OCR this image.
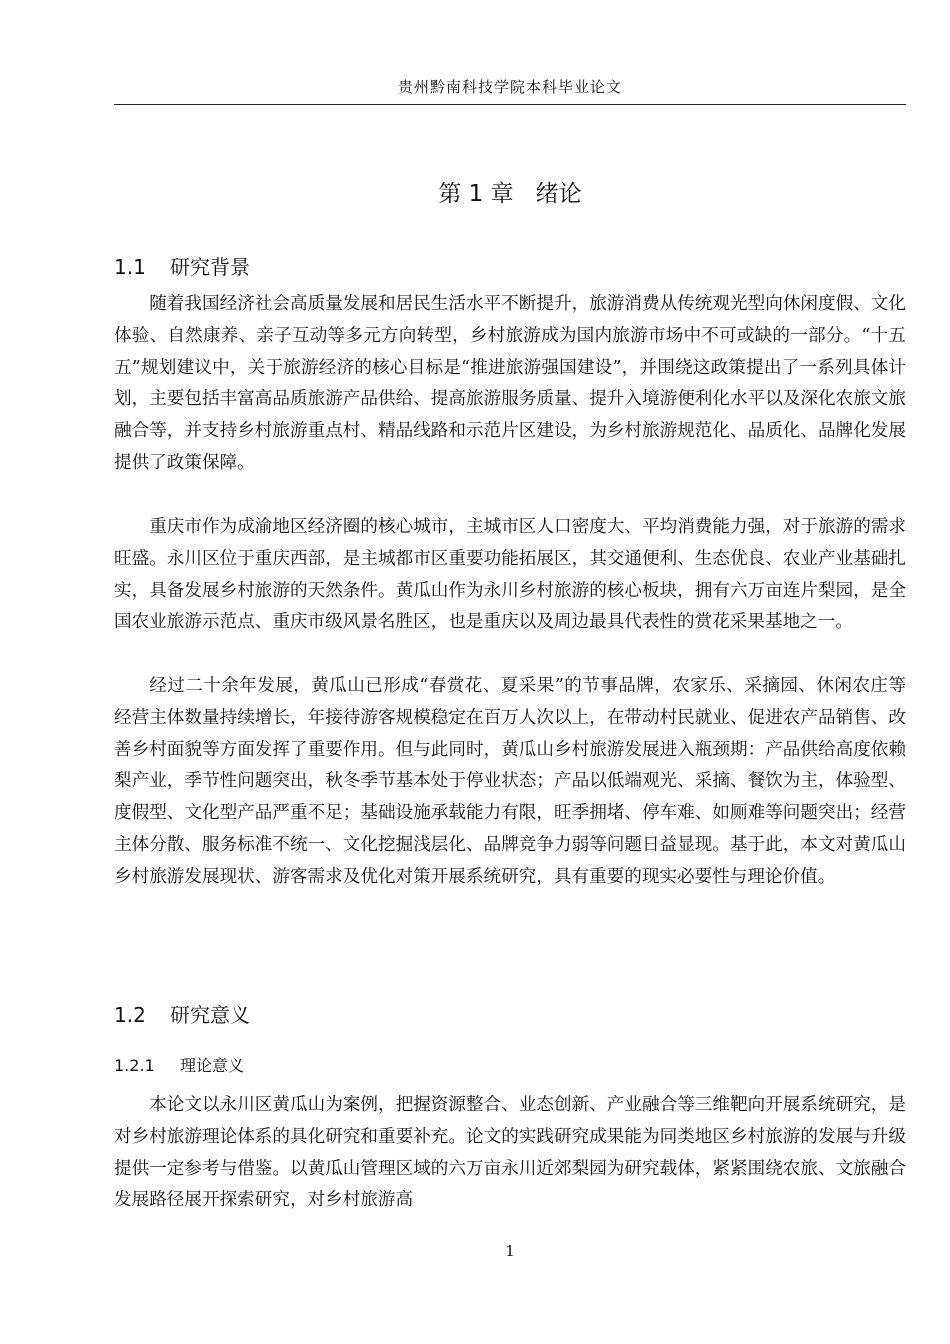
贵州黔南科技学院本科毕业论文
第 1 章 绪论
1.1 研究背景

随着我国经济社会高质量发展和居民生活水平不断提升，旅游消费从传统观光型向休闲度假、文化体验、自然康养、亲子互动等多元方向转型，乡村旅游成为国内旅游市场中不可或缺的一部分。“十五五”规划建议中，关于旅游经济的核心目标是“推进旅游强国建设”，并围绕这政策提出了一系列具体计划，主要包括丰富高品质旅游产品供给、提高旅游服务质量、提升入境游便利化水平以及深化农旅文旅融合等，并支持乡村旅游重点村、精品线路和示范片区建设，为乡村旅游规范化、品质化、品牌化发展提供了政策保障。

重庆市作为成渝地区经济圈的核心城市，主城市区人口密度大、平均消费能力强，对于旅游的需求旺盛。永川区位于重庆西部，是主城都市区重要功能拓展区，其交通便利、生态优良、农业产业基础扎实，具备发展乡村旅游的天然条件。黄瓜山作为永川乡村旅游的核心板块，拥有六万亩连片梨园，是全国农业旅游示范点、重庆市级风景名胜区，也是重庆以及周边最具代表性的赏花采果基地之一。

经过二十余年发展，黄瓜山已形成“春赏花、夏采果”的节事品牌，农家乐、采摘园、休闲农庄等经营主体数量持续增长，年接待游客规模稳定在百万人次以上，在带动村民就业、促进农产品销售、改善乡村面貌等方面发挥了重要作用。但与此同时，黄瓜山乡村旅游发展进入瓶颈期：产品供给高度依赖梨产业，季节性问题突出，秋冬季节基本处于停业状态；产品以低端观光、采摘、餐饮为主，体验型、度假型、文化型产品严重不足；基础设施承载能力有限，旺季拥堵、停车难、如厕难等问题突出；经营主体分散、服务标准不统一、文化挖掘浅层化、品牌竞争力弱等问题日益显现。基于此，本文对黄瓜山乡村旅游发展现状、游客需求及优化对策开展系统研究，具有重要的现实必要性与理论价值。

1.2 研究意义
1.2.1 理论意义

本论文以永川区黄瓜山为案例，把握资源整合、业态创新、产业融合等三维靶向开展系统研究，是对乡村旅游理论体系的具化研究和重要补充。论文的实践研究成果能为同类地区乡村旅游的发展与升级提供一定参考与借鉴。以黄瓜山管理区域的六万亩永川近郊梨园为研究载体，紧紧围绕农旅、文旅融合发展路径展开探索研究，对乡村旅游高

1
